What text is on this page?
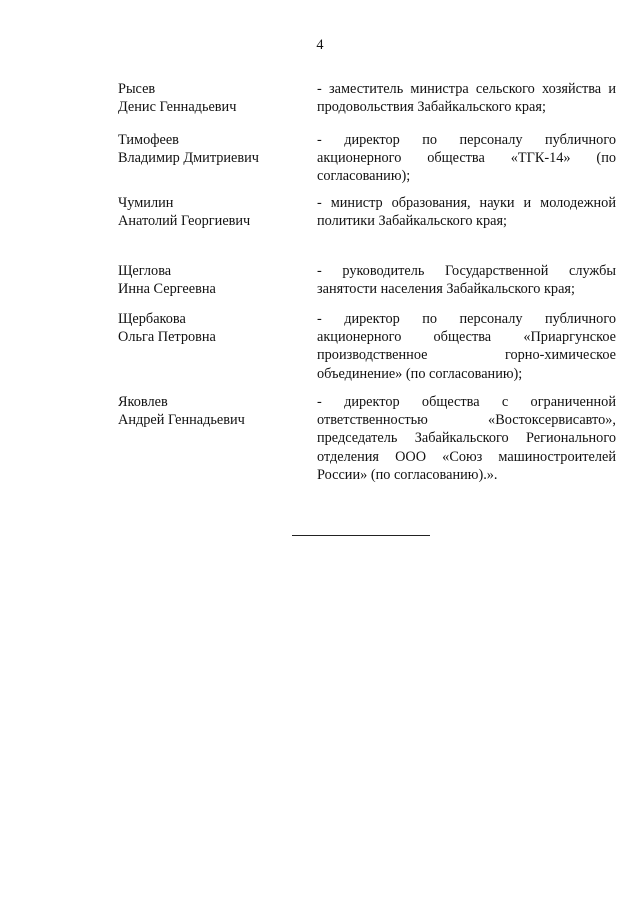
4
Рысев
Денис Геннадьевич
- заместитель министра сельского хозяйства и продовольствия Забайкальского края;
Тимофеев
Владимир Дмитриевич
- директор по персоналу публичного акционерного общества «ТГК-14» (по согласованию);
Чумилин
Анатолий Георгиевич
- министр образования, науки и молодежной политики Забайкальского края;
Щеглова
Инна Сергеевна
- руководитель Государственной службы занятости населения Забайкальского края;
Щербакова
Ольга Петровна
- директор по персоналу публичного акционерного общества «Приаргунское производственное горно-химическое объединение» (по согласованию);
Яковлев
Андрей Геннадьевич
- директор общества с ограниченной ответственностью «Востоксервисавто», председатель Забайкальского Регионального отделения ООО «Союз машиностроителей России» (по согласованию).».
